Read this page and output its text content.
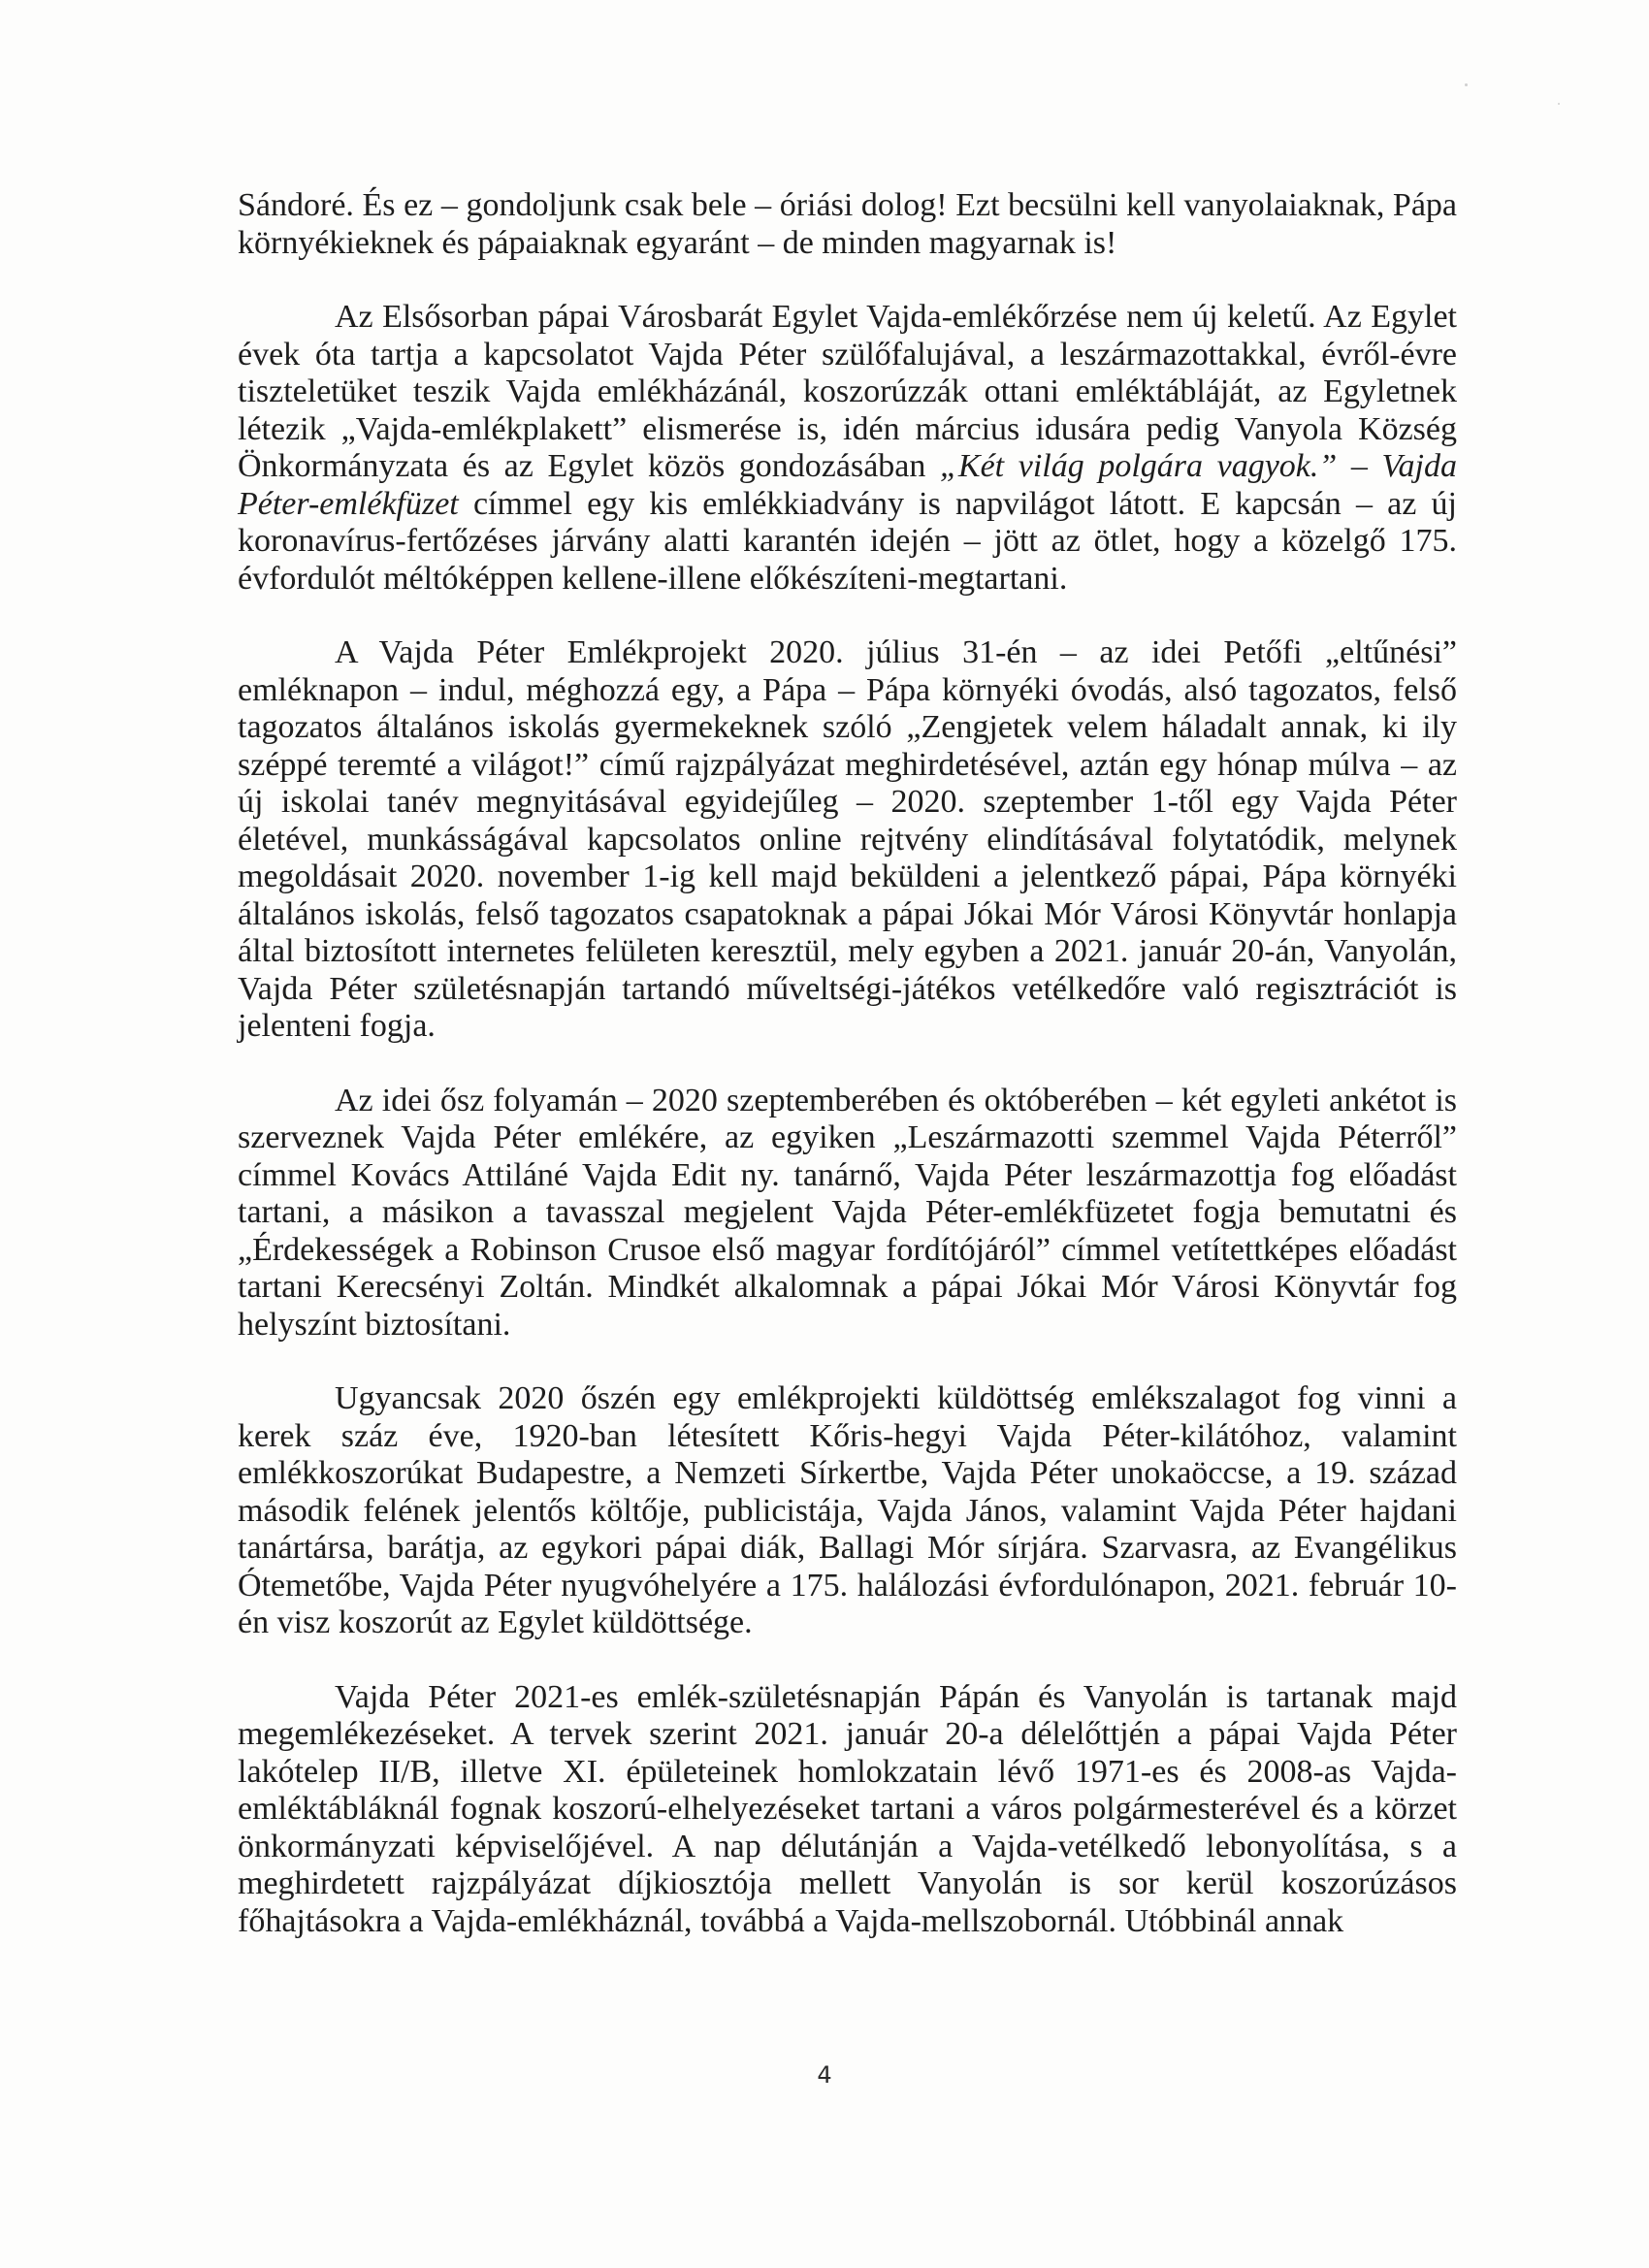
Sándoré. És ez – gondoljunk csak bele – óriási dolog! Ezt becsülni kell vanyolaiaknak, Pápa környékieknek és pápaiaknak egyaránt – de minden magyarnak is!

Az Elsősorban pápai Városbarát Egylet Vajda-emlékőrzése nem új keletű. Az Egylet évek óta tartja a kapcsolatot Vajda Péter szülőfalujával, a leszármazottakkal, évről-évre tiszteletüket teszik Vajda emlékházánál, koszorúzzák ottani emléktábláját, az Egyletnek létezik „Vajda-emlékplakett” elismerése is, idén március idusára pedig Vanyola Község Önkormányzata és az Egylet közös gondozásában „Két világ polgára vagyok.” – Vajda Péter-emlékfüzet címmel egy kis emlékkiadvány is napvilágot látott. E kapcsán – az új koronavírus-fertőzéses járvány alatti karantén idején – jött az ötlet, hogy a közelgő 175. évfordulót méltóképpen kellene-illene előkészíteni-megtartani.

A Vajda Péter Emlékprojekt 2020. július 31-én – az idei Petőfi „eltűnési” emléknapon – indul, méghozzá egy, a Pápa – Pápa környéki óvodás, alsó tagozatos, felső tagozatos általános iskolás gyermekeknek szóló „Zengjetek velem háladalt annak, ki ily széppé teremté a világot!” című rajzpályázat meghirdetésével, aztán egy hónap múlva – az új iskolai tanév megnyitásával egyidejűleg – 2020. szeptember 1-től egy Vajda Péter életével, munkásságával kapcsolatos online rejtvény elindításával folytatódik, melynek megoldásait 2020. november 1-ig kell majd beküldeni a jelentkező pápai, Pápa környéki általános iskolás, felső tagozatos csapatoknak a pápai Jókai Mór Városi Könyvtár honlapja által biztosított internetes felületen keresztül, mely egyben a 2021. január 20-án, Vanyolán, Vajda Péter születésnapján tartandó műveltségi-játékos vetélkedőre való regisztrációt is jelenteni fogja.

Az idei ősz folyamán – 2020 szeptemberében és októberében – két egyleti ankétot is szerveznek Vajda Péter emlékére, az egyiken „Leszármazotti szemmel Vajda Péterről” címmel Kovács Attiláné Vajda Edit ny. tanárnő, Vajda Péter leszármazottja fog előadást tartani, a másikon a tavasszal megjelent Vajda Péter-emlékfüzetet fogja bemutatni és „Érdekességek a Robinson Crusoe első magyar fordítójáról” címmel vetítettképes előadást tartani Kerecsényi Zoltán. Mindkét alkalomnak a pápai Jókai Mór Városi Könyvtár fog helyszínt biztosítani.

Ugyancsak 2020 őszén egy emlékprojekti küldöttség emlékszalagot fog vinni a kerek száz éve, 1920-ban létesített Kőris-hegyi Vajda Péter-kilátóhoz, valamint emlékkoszorúkat Budapestre, a Nemzeti Sírkertbe, Vajda Péter unokaöccse, a 19. század második felének jelentős költője, publicistája, Vajda János, valamint Vajda Péter hajdani tanártársa, barátja, az egykori pápai diák, Ballagi Mór sírjára. Szarvasra, az Evangélikus Ótemetőbe, Vajda Péter nyugvóhelyére a 175. halálozási évfordulónapon, 2021. február 10-én visz koszorút az Egylet küldöttsége.

Vajda Péter 2021-es emlék-születésnapján Pápán és Vanyolán is tartanak majd megemlékezéseket. A tervek szerint 2021. január 20-a délelőttjén a pápai Vajda Péter lakótelep II/B, illetve XI. épületeinek homlokzatain lévő 1971-es és 2008-as Vajda-emléktábláknál fognak koszorú-elhelyezéseket tartani a város polgármesterével és a körzet önkormányzati képviselőjével. A nap délutánján a Vajda-vetélkedő lebonyolítása, s a meghirdetett rajzpályázat díjkiosztója mellett Vanyolán is sor kerül koszorúzásos főhajtásokra a Vajda-emlékháznál, továbbá a Vajda-mellszobornál. Utóbbinál annak

4
